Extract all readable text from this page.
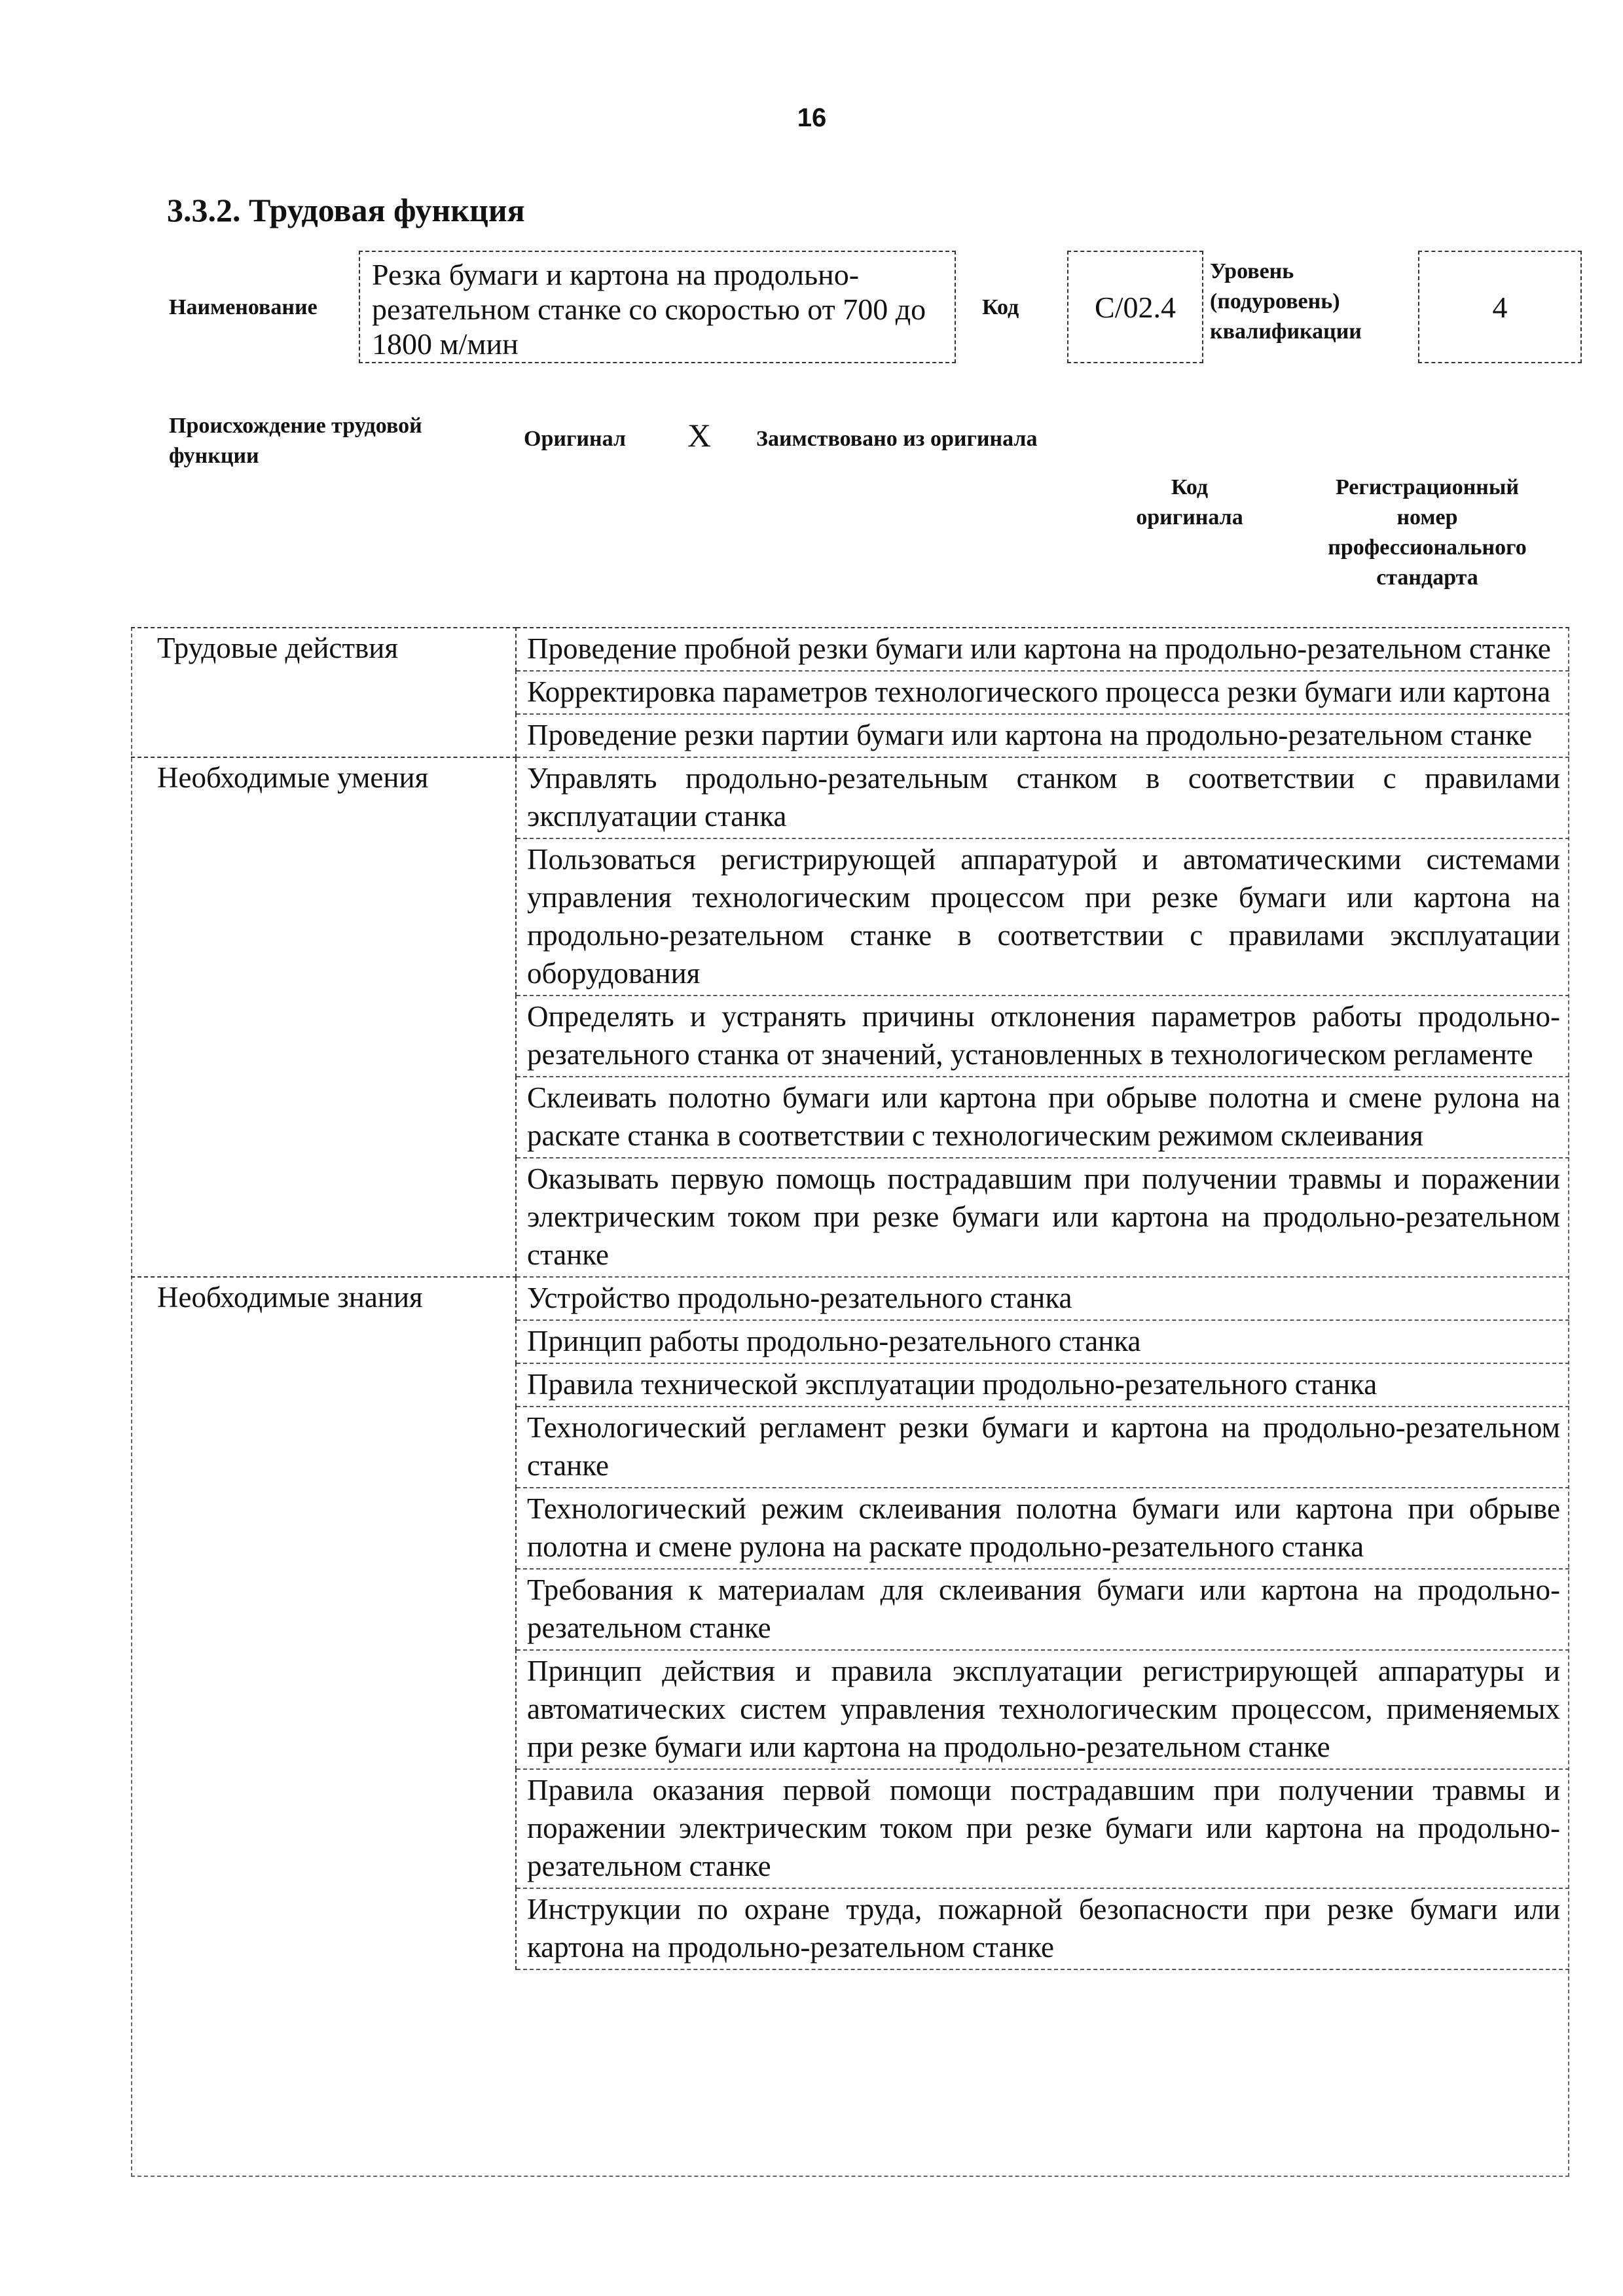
16
3.3.2. Трудовая функция
Наименование
Резка бумаги и картона на продольно-резательном станке со скоростью от 700 до 1800 м/мин
Код	C/02.4
Уровень (подуровень) квалификации
4
Происхождение трудовой функции
Оригинал X Заимствовано из оригинала
Код оригинала
Регистрационный номер профессионального стандарта
Трудовые действия	Проведение пробной резки бумаги или картона на продольно-резательном станке
	Корректировка параметров технологического процесса резки бумаги или картона
	Проведение резки партии бумаги или картона на продольно-резательном станке
Необходимые умения	Управлять продольно-резательным станком в соответствии с правилами эксплуатации станка
	Пользоваться регистрирующей аппаратурой и автоматическими системами управления технологическим процессом при резке бумаги или картона на продольно-резательном станке в соответствии с правилами эксплуатации оборудования
	Определять и устранять причины отклонения параметров работы продольно-резательного станка от значений, установленных в технологическом регламенте
	Склеивать полотно бумаги или картона при обрыве полотна и смене рулона на раскате станка в соответствии с технологическим режимом склеивания
	Оказывать первую помощь пострадавшим при получении травмы и поражении электрическим током при резке бумаги или картона на продольно-резательном станке
Необходимые знания	Устройство продольно-резательного станка
	Принцип работы продольно-резательного станка
	Правила технической эксплуатации продольно-резательного станка
	Технологический регламент резки бумаги и картона на продольно-резательном станке
	Технологический режим склеивания полотна бумаги или картона при обрыве полотна и смене рулона на раскате продольно-резательного станка
	Требования к материалам для склеивания бумаги или картона на продольно-резательном станке
	Принцип действия и правила эксплуатации регистрирующей аппаратуры и автоматических систем управления технологическим процессом, применяемых при резке бумаги или картона на продольно-резательном станке
	Правила оказания первой помощи пострадавшим при получении травмы и поражении электрическим током при резке бумаги или картона на продольно-резательном станке
	Инструкции по охране труда, пожарной безопасности при резке бумаги или картона на продольно-резательном станке
